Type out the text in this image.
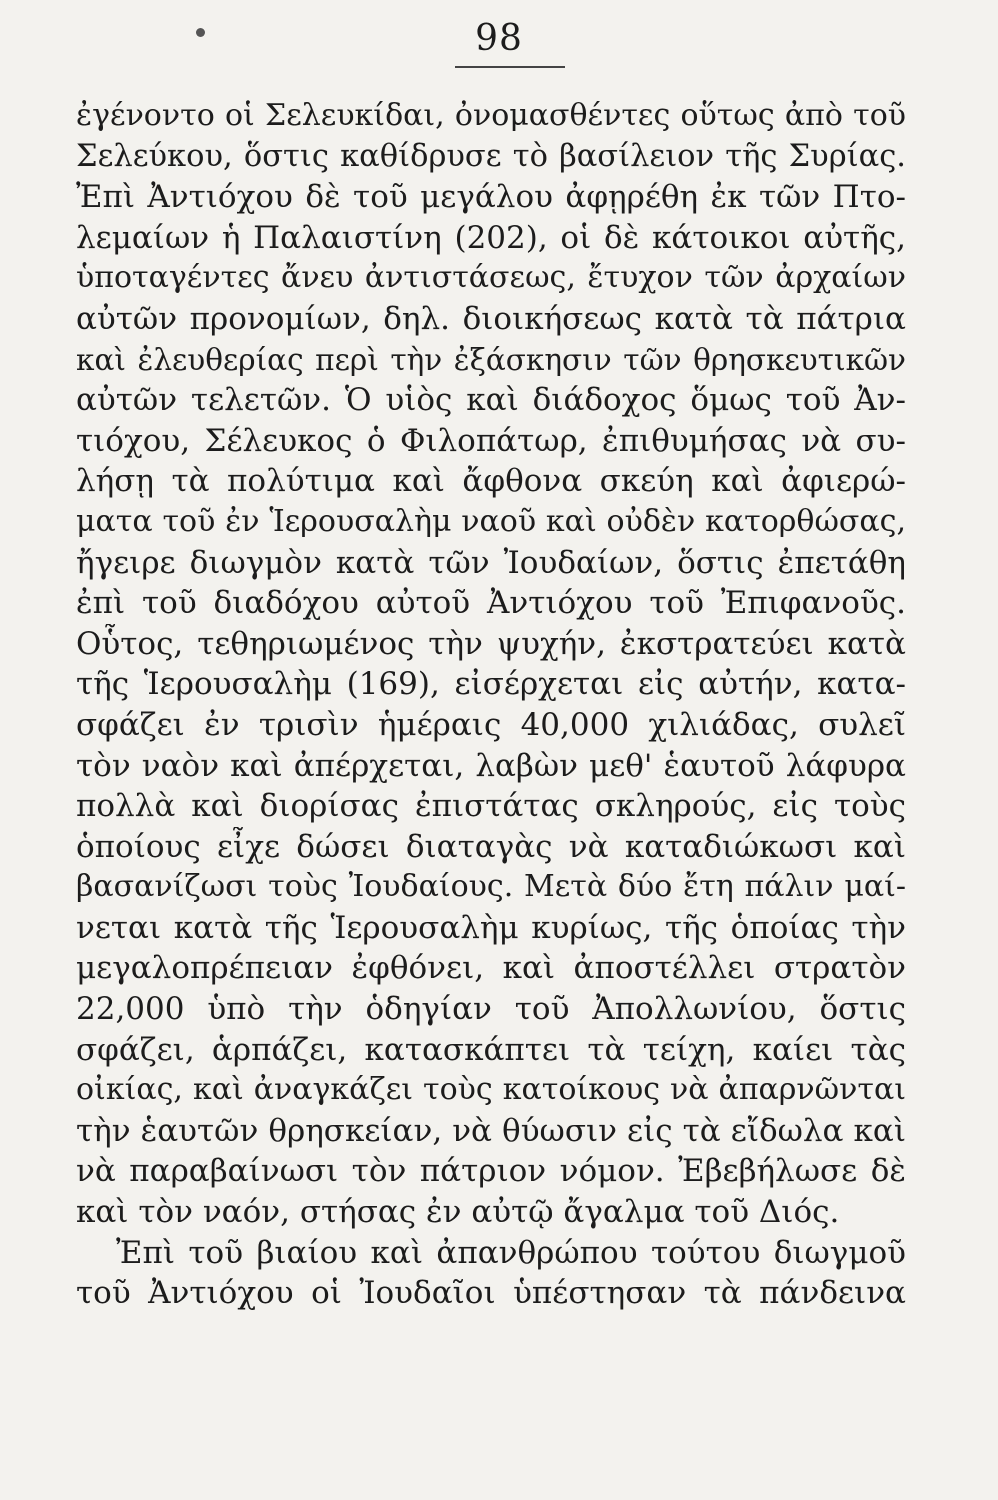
98
ἐγένοντο οἱ Σελευκίδαι, ὀνομασθέντες οὕτως ἀπὸ τοῦ
Σελεύκου, ὅστις καθίδρυσε τὸ βασίλειον τῆς Συρίας.
Ἐπὶ Ἀντιόχου δὲ τοῦ μεγάλου ἀφῃρέθη ἐκ τῶν Πτο-
λεμαίων ἡ Παλαιστίνη (202), οἱ δὲ κάτοικοι αὐτῆς,
ὑποταγέντες ἄνευ ἀντιστάσεως, ἔτυχον τῶν ἀρχαίων
αὐτῶν προνομίων, δηλ. διοικήσεως κατὰ τὰ πάτρια
καὶ ἐλευθερίας περὶ τὴν ἐξάσκησιν τῶν θρησκευτικῶν
αὐτῶν τελετῶν. Ὁ υἱὸς καὶ διάδοχος ὅμως τοῦ Ἀν-
τιόχου, Σέλευκος ὁ Φιλοπάτωρ, ἐπιθυμήσας νὰ συ-
λήσῃ τὰ πολύτιμα καὶ ἄφθονα σκεύη καὶ ἀφιερώ-
ματα τοῦ ἐν Ἱερουσαλὴμ ναοῦ καὶ οὐδὲν κατορθώσας,
ἤγειρε διωγμὸν κατὰ τῶν Ἰουδαίων, ὅστις ἐπετάθη
ἐπὶ τοῦ διαδόχου αὐτοῦ Ἀντιόχου τοῦ Ἐπιφανοῦς.
Οὗτος, τεθηριωμένος τὴν ψυχήν, ἐκστρατεύει κατὰ
τῆς Ἱερουσαλὴμ (169), εἰσέρχεται εἰς αὐτήν, κατα-
σφάζει ἐν τρισὶν ἡμέραις 40,000 χιλιάδας, συλεῖ
τὸν ναὸν καὶ ἀπέρχεται, λαβὼν μεθ' ἑαυτοῦ λάφυρα
πολλὰ καὶ διορίσας ἐπιστάτας σκληρούς, εἰς τοὺς
ὁποίους εἶχε δώσει διαταγὰς νὰ καταδιώκωσι καὶ
βασανίζωσι τοὺς Ἰουδαίους. Μετὰ δύο ἔτη πάλιν μαί-
νεται κατὰ τῆς Ἱερουσαλὴμ κυρίως, τῆς ὁποίας τὴν
μεγαλοπρέπειαν ἐφθόνει, καὶ ἀποστέλλει στρατὸν
22,000 ὑπὸ τὴν ὁδηγίαν τοῦ Ἀπολλωνίου, ὅστις
σφάζει, ἁρπάζει, κατασκάπτει τὰ τείχη, καίει τὰς
οἰκίας, καὶ ἀναγκάζει τοὺς κατοίκους νὰ ἀπαρνῶνται
τὴν ἑαυτῶν θρησκείαν, νὰ θύωσιν εἰς τὰ εἴδωλα καὶ
νὰ παραβαίνωσι τὸν πάτριον νόμον. Ἐβεβήλωσε δὲ
καὶ τὸν ναόν, στήσας ἐν αὐτῷ ἄγαλμα τοῦ Διός.
Ἐπὶ τοῦ βιαίου καὶ ἀπανθρώπου τούτου διωγμοῦ
τοῦ Ἀντιόχου οἱ Ἰουδαῖοι ὑπέστησαν τὰ πάνδεινα
